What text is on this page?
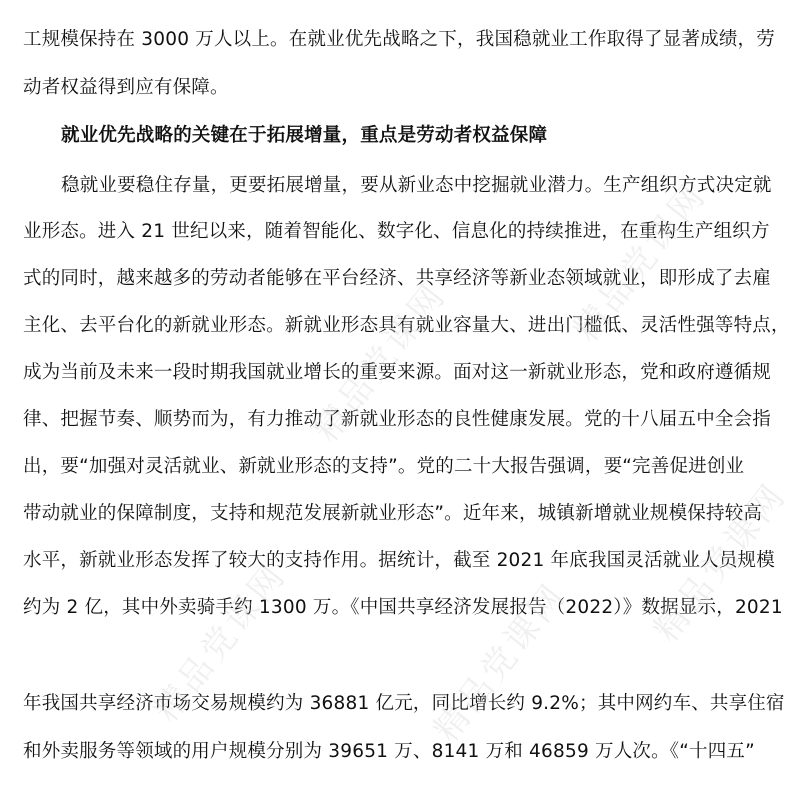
工规模保持在 3000 万人以上。在就业优先战略之下，我国稳就业工作取得了显著成绩，劳
动者权益得到应有保障。
就业优先战略的关键在于拓展增量，重点是劳动者权益保障
稳就业要稳住存量，更要拓展增量，要从新业态中挖掘就业潜力。生产组织方式决定就
业形态。进入 21 世纪以来，随着智能化、数字化、信息化的持续推进，在重构生产组织方
式的同时，越来越多的劳动者能够在平台经济、共享经济等新业态领域就业，即形成了去雇
主化、去平台化的新就业形态。新就业形态具有就业容量大、进出门槛低、灵活性强等特点，
成为当前及未来一段时期我国就业增长的重要来源。面对这一新就业形态，党和政府遵循规
律、把握节奏、顺势而为，有力推动了新就业形态的良性健康发展。党的十八届五中全会指
出，要“加强对灵活就业、新就业形态的支持”。党的二十大报告强调，要“完善促进创业
带动就业的保障制度，支持和规范发展新就业形态”。近年来，城镇新增就业规模保持较高
水平，新就业形态发挥了较大的支持作用。据统计，截至 2021 年底我国灵活就业人员规模
约为 2 亿，其中外卖骑手约 1300 万。《中国共享经济发展报告（2022）》数据显示，2021
年我国共享经济市场交易规模约为 36881 亿元，同比增长约 9.2%；其中网约车、共享住宿
和外卖服务等领域的用户规模分别为 39651 万、8141 万和 46859 万人次。《“十四五”
精品党课网
精品党课网
精品党课网
精品党课网	精品党课网
